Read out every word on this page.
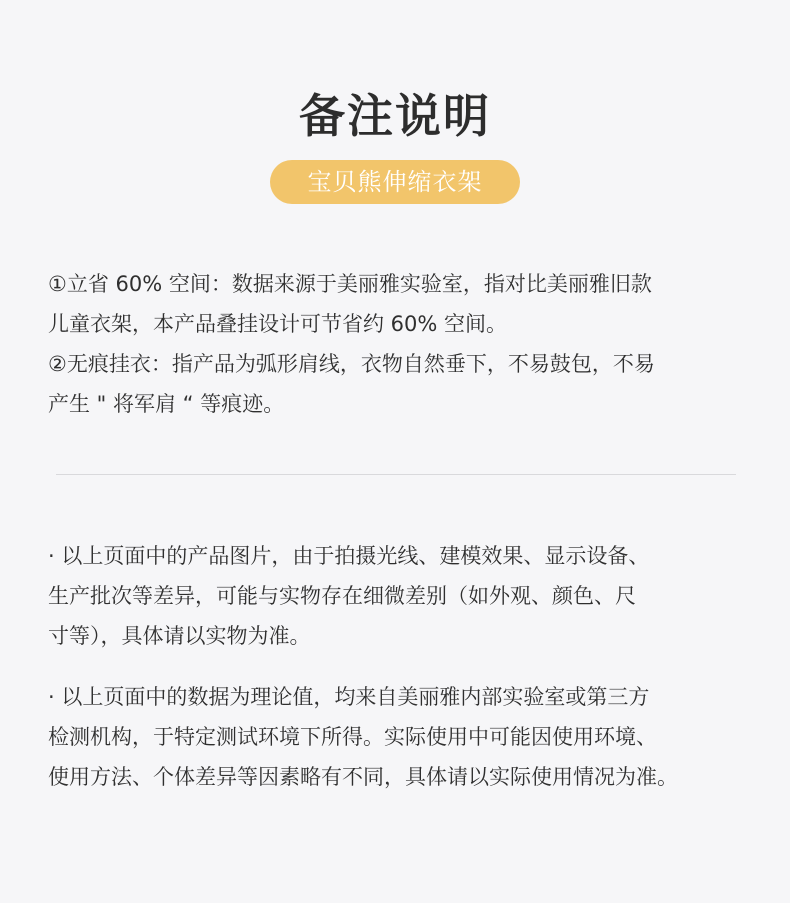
备注说明
宝贝熊伸缩衣架
①立省 60% 空间：数据来源于美丽雅实验室，指对比美丽雅旧款
儿童衣架，本产品叠挂设计可节省约 60% 空间。
②无痕挂衣：指产品为弧形肩线，衣物自然垂下，不易鼓包，不易
产生 " 将军肩 “ 等痕迹。
· 以上页面中的产品图片，由于拍摄光线、建模效果、显示设备、
生产批次等差异，可能与实物存在细微差别（如外观、颜色、尺
寸等），具体请以实物为准。
· 以上页面中的数据为理论值，均来自美丽雅内部实验室或第三方
检测机构，于特定测试环境下所得。实际使用中可能因使用环境、
使用方法、个体差异等因素略有不同，具体请以实际使用情况为准。
